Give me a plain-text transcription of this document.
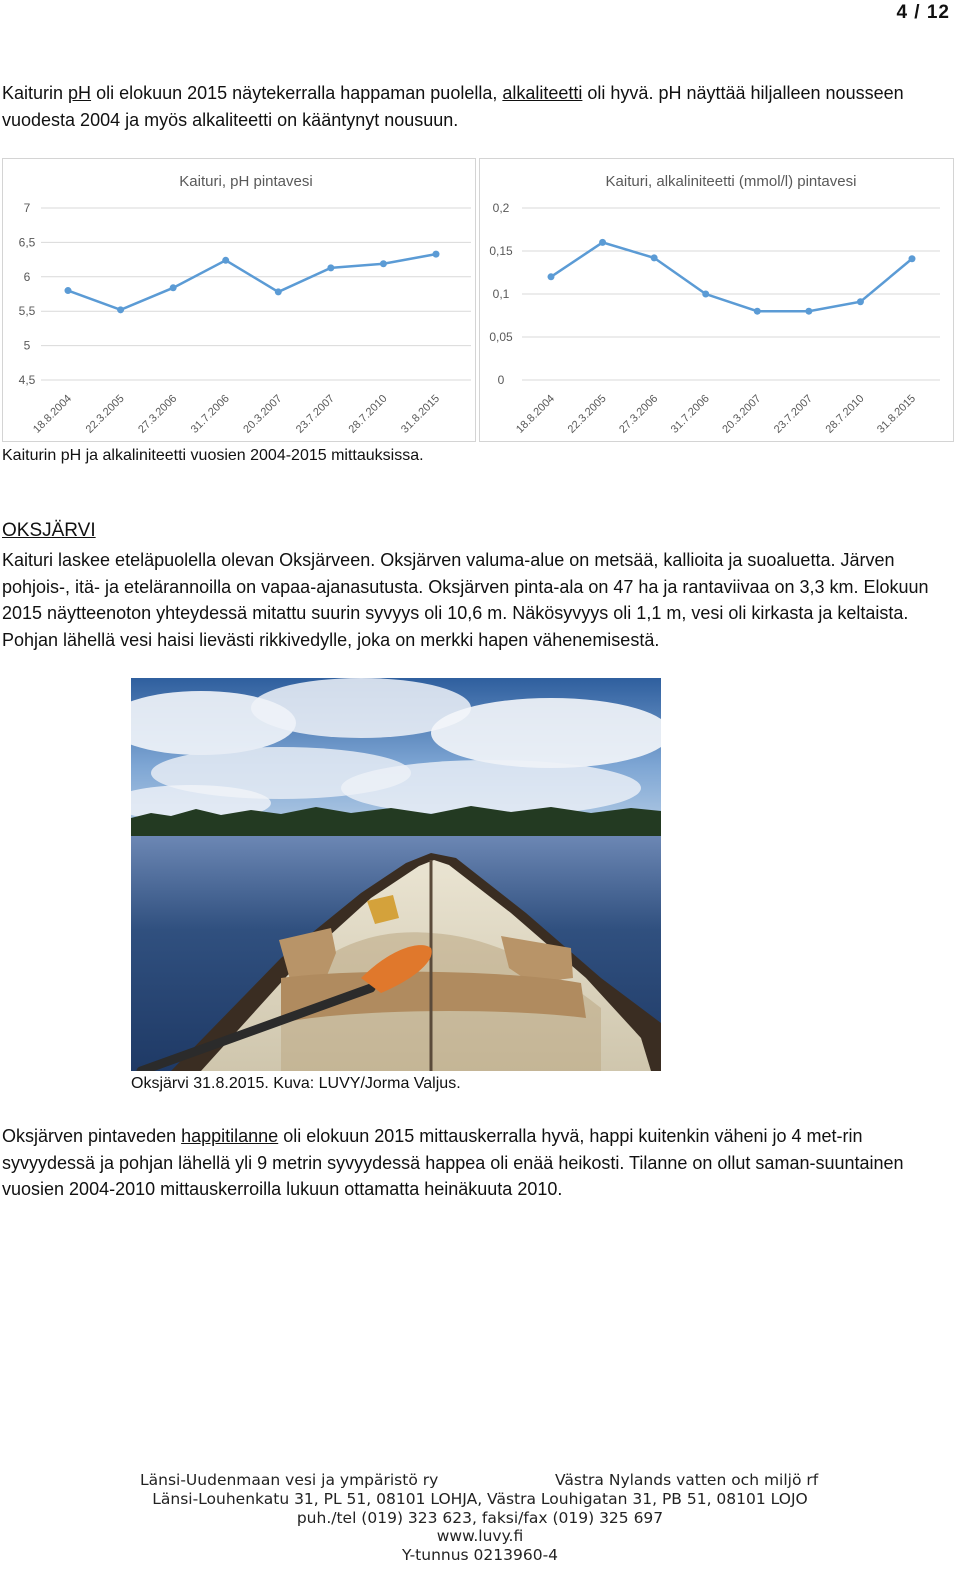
4 / 12

Kaiturin pH oli elokuun 2015 näytekerralla happaman puolella, alkaliteetti oli hyvä. pH näyttää hiljalleen nousseen vuodesta 2004 ja myös alkaliteetti on kääntynyt nousuun.

Kaituri, pH pintavesi
4,5
5
5,5
6
6,5
7
18.8.2004 22.3.2005 27.3.2006 31.7.2006 20.3.2007 23.7.2007 28.7.2010 31.8.2015
Kaituri, alkaliniteetti (mmol/l) pintavesi
0
0,05
0,1
0,15
0,2
18.8.2004 22.3.2005 27.3.2006 31.7.2006 20.3.2007 23.7.2007 28.7.2010 31.8.2015
Kaiturin pH ja alkaliniteetti vuosien 2004-2015 mittauksissa.
OKSJÄRVI

Kaituri laskee eteläpuolella olevan Oksjärveen. Oksjärven valuma-alue on metsää, kallioita ja suoaluetta. Järven pohjois-, itä- ja etelärannoilla on vapaa-ajanasutusta. Oksjärven pinta-ala on 47 ha ja rantaviivaa on 3,3 km. Elokuun 2015 näytteenoton yhteydessä mitattu suurin syvyys oli 10,6 m. Näkösyvyys oli 1,1 m, vesi oli kirkasta ja keltaista. Pohjan lähellä vesi haisi lievästi rikkivedylle, joka on merkki hapen vähenemisestä.

Oksjärvi 31.8.2015. Kuva: LUVY/Jorma Valjus.

Oksjärven pintaveden happitilanne oli elokuun 2015 mittauskerralla hyvä, happi kuitenkin väheni jo 4 met-rin syvyydessä ja pohjan lähellä yli 9 metrin syvyydessä happea oli enää heikosti. Tilanne on ollut saman-suuntainen vuosien 2004-2010 mittauskerroilla lukuun ottamatta heinäkuuta 2010.

Länsi-Uudenmaan vesi ja ympäristö ry	Västra Nylands vatten och miljö rf
Länsi-Louhenkatu 31, PL 51, 08101 LOHJA, Västra Louhigatan 31, PB 51, 08101 LOJO
puh./tel (019) 323 623, faksi/fax (019) 325 697
www.luvy.fi
Y-tunnus 0213960-4
